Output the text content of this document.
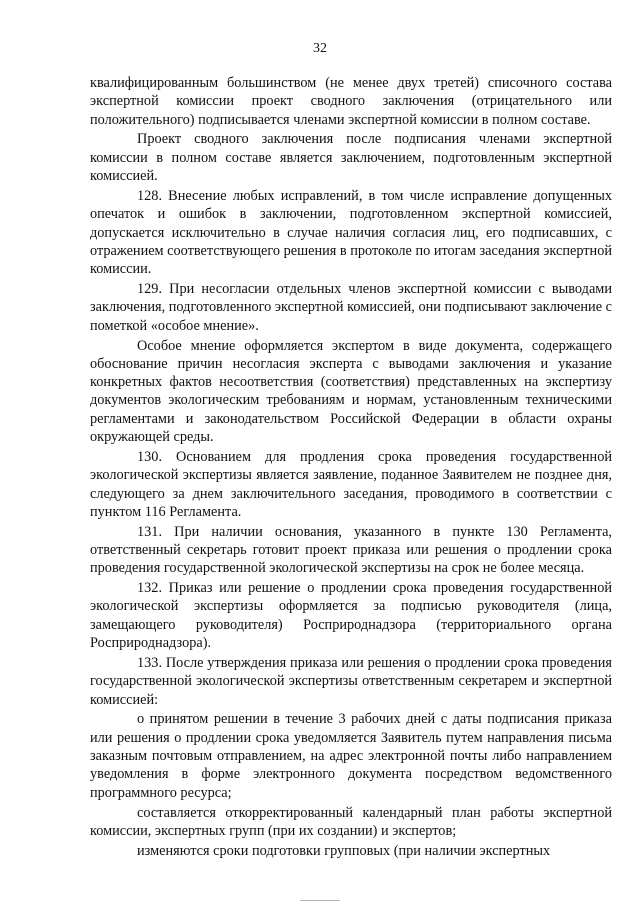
32

квалифицированным большинством (не менее двух третей) списочного состава экспертной комиссии проект сводного заключения (отрицательного или положительного) подписывается членами экспертной комиссии в полном составе.

Проект сводного заключения после подписания членами экспертной комиссии в полном составе является заключением, подготовленным экспертной комиссией.

128. Внесение любых исправлений, в том числе исправление допущенных опечаток и ошибок в заключении, подготовленном экспертной комиссией, допускается исключительно в случае наличия согласия лиц, его подписавших, с отражением соответствующего решения в протоколе по итогам заседания экспертной комиссии.

129. При несогласии отдельных членов экспертной комиссии с выводами заключения, подготовленного экспертной комиссией, они подписывают заключение с пометкой «особое мнение».

Особое мнение оформляется экспертом в виде документа, содержащего обоснование причин несогласия эксперта с выводами заключения и указание конкретных фактов несоответствия (соответствия) представленных на экспертизу документов экологическим требованиям и нормам, установленным техническими регламентами и законодательством Российской Федерации в области охраны окружающей среды.

130. Основанием для продления срока проведения государственной экологической экспертизы является заявление, поданное Заявителем не позднее дня, следующего за днем заключительного заседания, проводимого в соответствии с пунктом 116 Регламента.

131. При наличии основания, указанного в пункте 130 Регламента, ответственный секретарь готовит проект приказа или решения о продлении срока проведения государственной экологической экспертизы на срок не более месяца.

132. Приказ или решение о продлении срока проведения государственной экологической экспертизы оформляется за подписью руководителя (лица, замещающего руководителя) Росприроднадзора (территориального органа Росприроднадзора).

133. После утверждения приказа или решения о продлении срока проведения государственной экологической экспертизы ответственным секретарем и экспертной комиссией:

о принятом решении в течение 3 рабочих дней с даты подписания приказа или решения о продлении срока уведомляется Заявитель путем направления письма заказным почтовым отправлением, на адрес электронной почты либо направлением уведомления в форме электронного документа посредством ведомственного программного ресурса;

составляется откорректированный календарный план работы экспертной комиссии, экспертных групп (при их создании) и экспертов;

изменяются сроки подготовки групповых (при наличии экспертных
